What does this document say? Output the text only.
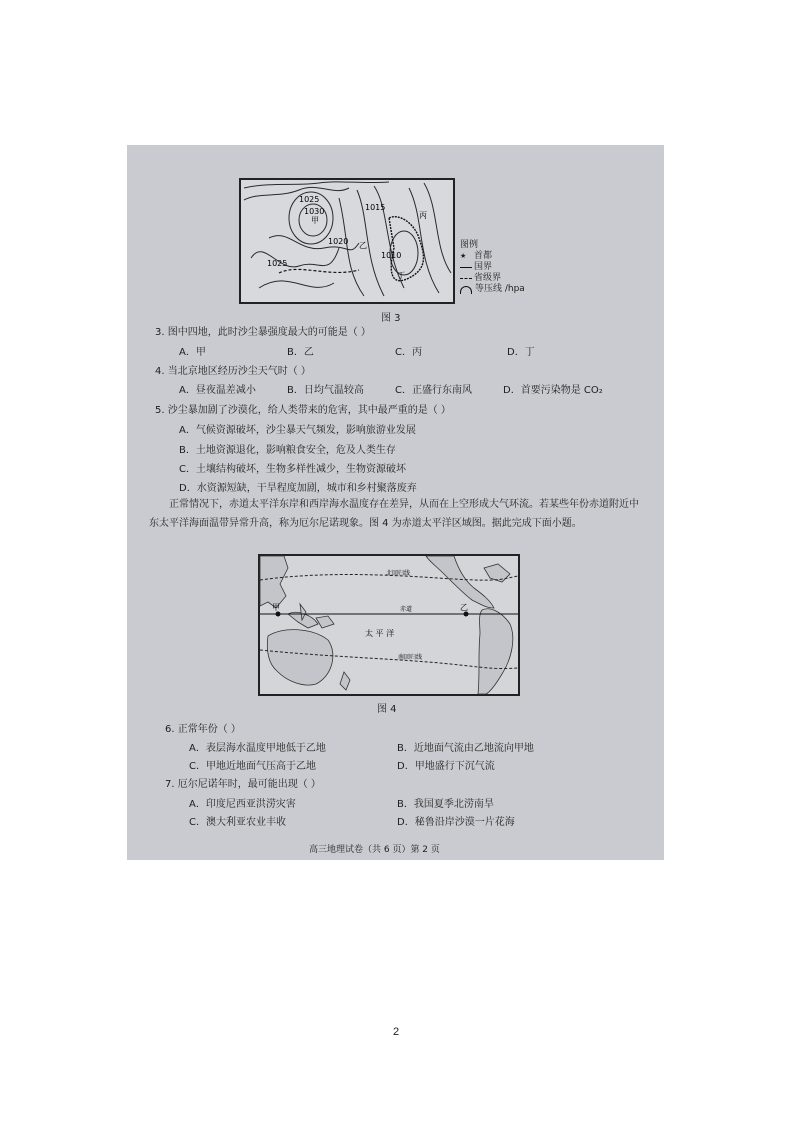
1025
1030	1015
1020
1025
1010
甲
乙
丙
丁
图例
★ 首都
国界
省级界
等压线 /hpa
图 3
3. 图中四地，此时沙尘暴强度最大的可能是（ ）
A．甲	B．乙	C．丙	D．丁
4. 当北京地区经历沙尘天气时（ ）
A．昼夜温差减小	B．日均气温较高	C．正盛行东南风	D．首要污染物是 CO₂
5. 沙尘暴加剧了沙漠化，给人类带来的危害，其中最严重的是（ ）
A．气候资源破坏，沙尘暴天气频发，影响旅游业发展
B．土地资源退化，影响粮食安全，危及人类生存
C．土壤结构破坏，生物多样性减少，生物资源破坏
D．水资源短缺，干旱程度加剧，城市和乡村聚落废弃
正常情况下，赤道太平洋东岸和西岸海水温度存在差异，从而在上空形成大气环流。若某些年份赤道附近中东太平洋海面温带异常升高，称为厄尔尼诺现象。图 4 为赤道太平洋区域图。据此完成下面小题。
北回归线
赤道
南回归线
太 平 洋
甲	乙
图 4
6. 正常年份（ ）
A．表层海水温度甲地低于乙地	B．近地面气流由乙地流向甲地
C．甲地近地面气压高于乙地	D．甲地盛行下沉气流
7. 厄尔尼诺年时，最可能出现（ ）
A．印度尼西亚洪涝灾害	B．我国夏季北涝南旱
C．澳大利亚农业丰收	D．秘鲁沿岸沙漠一片花海
高三地理试卷（共 6 页）第 2 页
2
